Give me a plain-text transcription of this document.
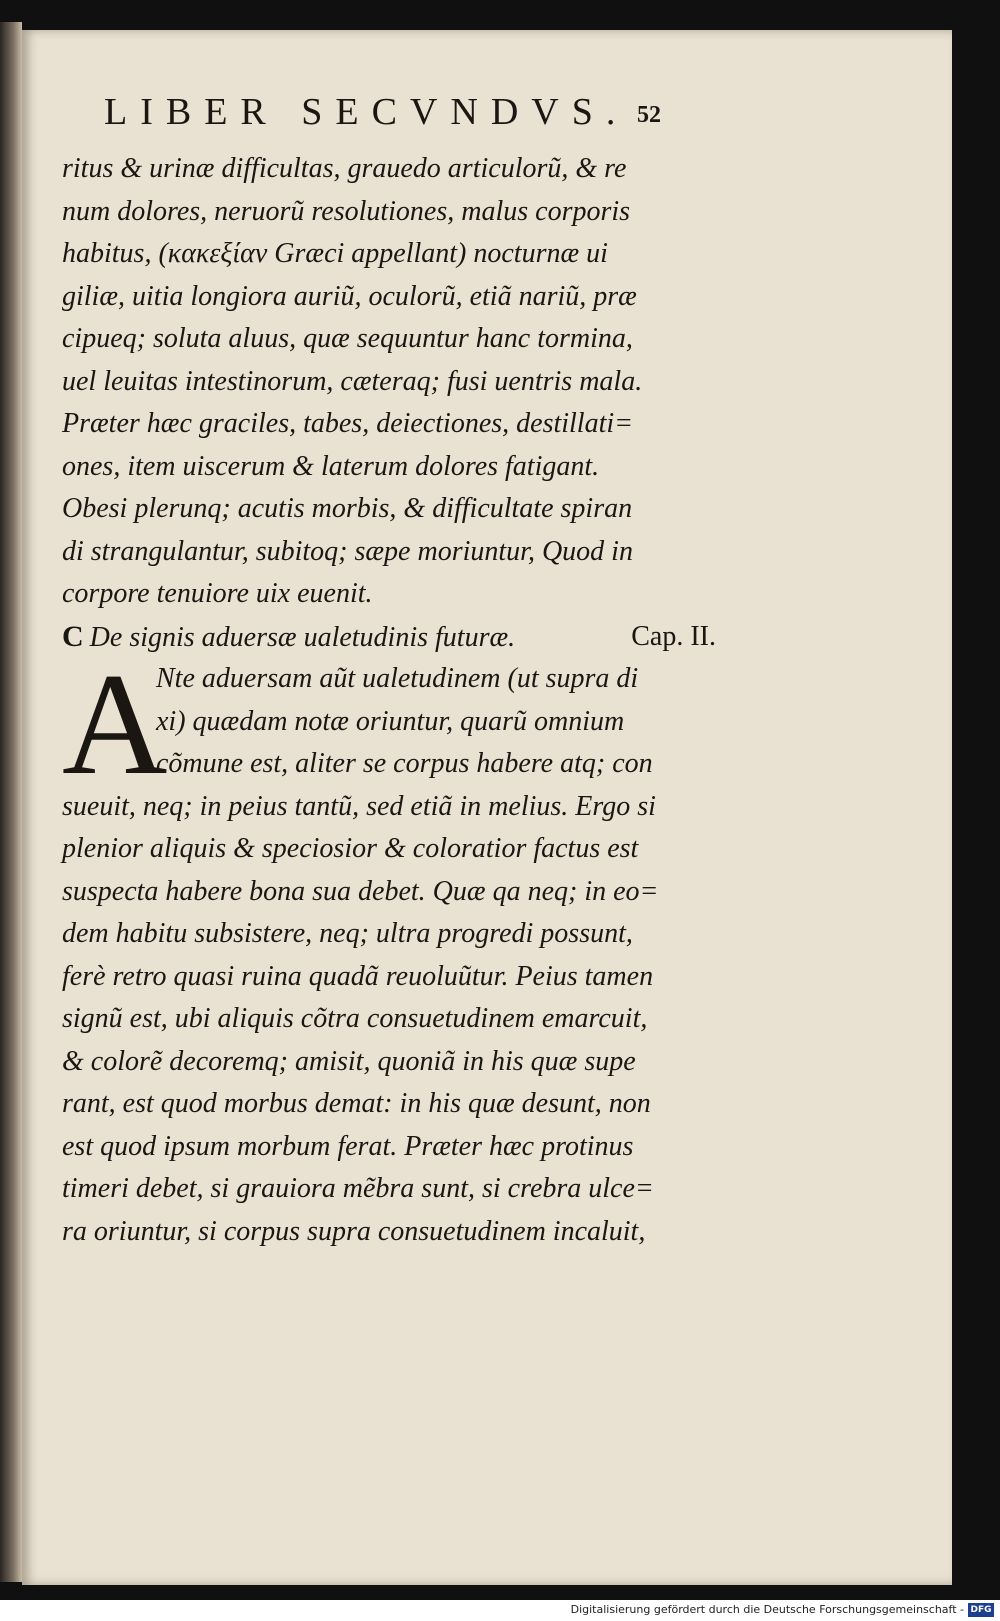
LIBER SECVNDVS. 52
ritus & urinæ difficultas, grauedo articulorũ, & re
num dolores, neruorũ resolutiones, malus corporis
habitus, (κακεξίαν Græci appellant) nocturnæ ui
giliæ, uitia longiora auriũ, oculorũ, etiã nariũ, præ
cipueq; soluta aluus, quæ sequuntur hanc tormina,
uel leuitas intestinorum, cæteraq; fusi uentris mala.
Præter hæc graciles, tabes, deiectiones, destillati=
ones, item uiscerum & laterum dolores fatigant.
Obesi plerunq; acutis morbis, & difficultate spiran
di strangulantur, subitoq; sæpe moriuntur, Quod in
corpore tenuiore uix euenit.
C De signis aduersæ ualetudinis futuræ.	Cap. II.
A
Nte aduersam aũt ualetudinem (ut supra di
xi) quædam notæ oriuntur, quarũ omnium
cõmune est, aliter se corpus habere atq; con
sueuit, neq; in peius tantũ, sed etiã in melius. Ergo si
plenior aliquis & speciosior & coloratior factus est
suspecta habere bona sua debet. Quæ qa neq; in eo=
dem habitu subsistere, neq; ultra progredi possunt,
ferè retro quasi ruina quadã reuoluũtur. Peius tamen
signũ est, ubi aliquis cõtra consuetudinem emarcuit,
& colorẽ decoremq; amisit, quoniã in his quæ supe
rant, est quod morbus demat: in his quæ desunt, non
est quod ipsum morbum ferat. Præter hæc protinus
timeri debet, si grauiora mẽbra sunt, si crebra ulce=
ra oriuntur, si corpus supra consuetudinem incaluit,
Digitalisierung gefördert durch die Deutsche Forschungsgemeinschaft - DFG
